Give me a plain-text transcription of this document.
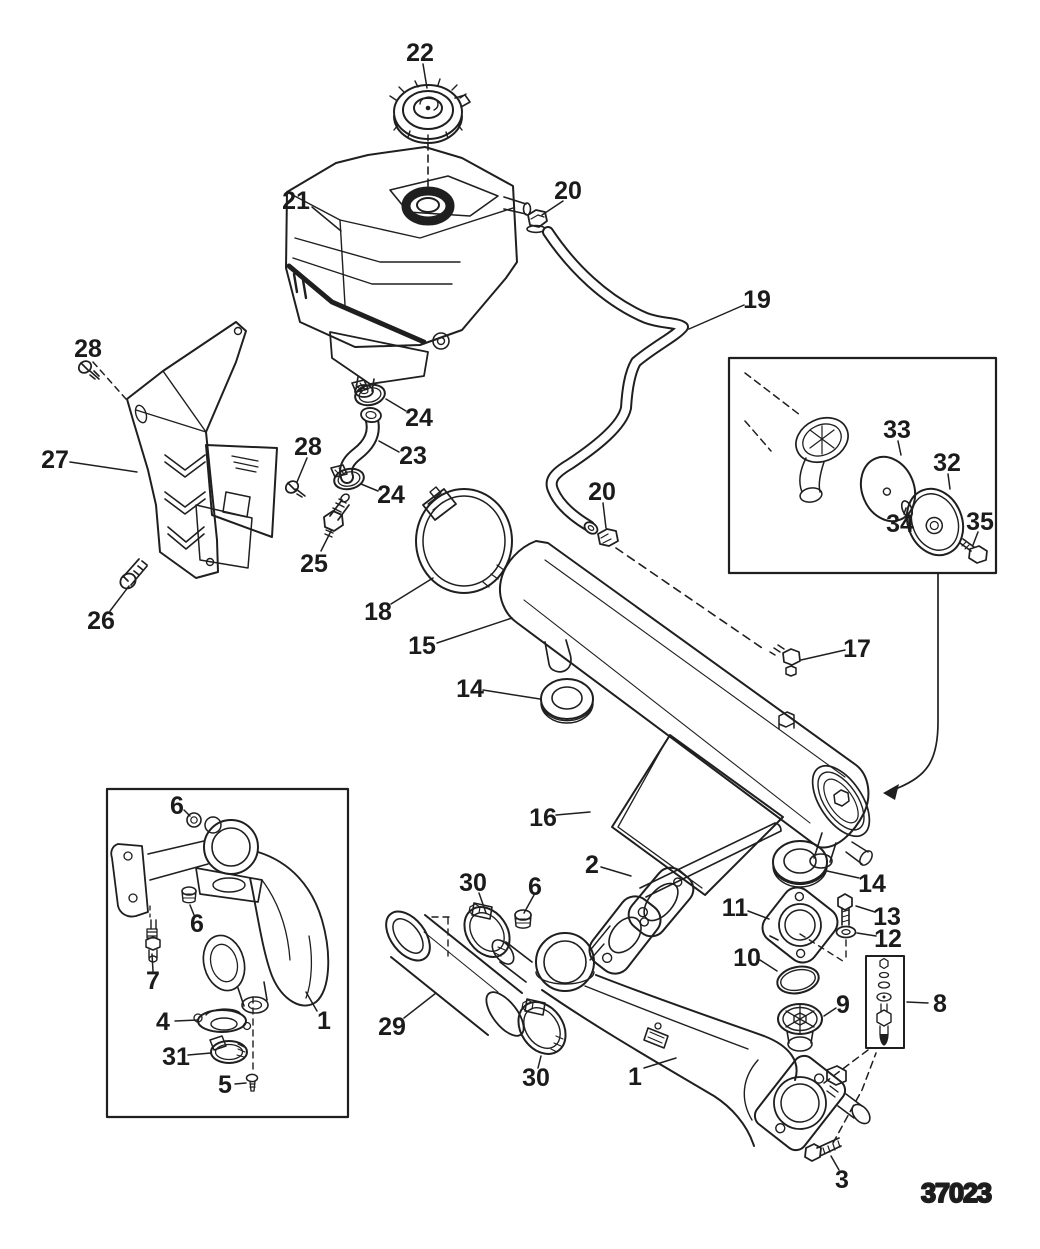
37023
22
21	20
19
28
27	28
24
23
24
25
26	18
15
20
17
14
16
33
32
34 35
2
30 6	14
11	13
12
10
9	8
29
30	1
3
6
6
7
4
31
5
1
